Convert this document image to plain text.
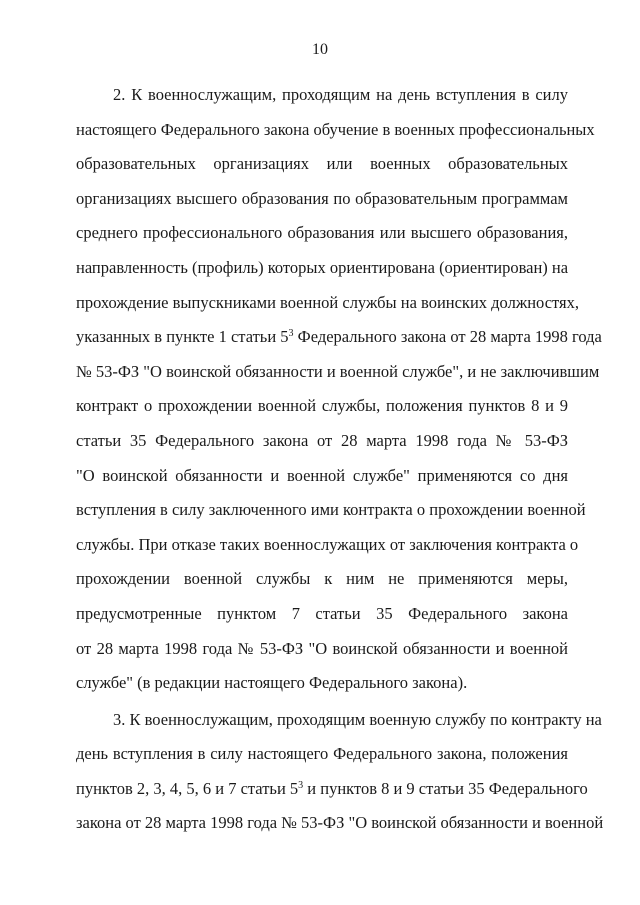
10
2. К военнослужащим, проходящим на день вступления в силу
настоящего Федерального закона обучение в военных профессиональных
образовательных организациях или военных образовательных
организациях высшего образования по образовательным программам
среднего профессионального образования или высшего образования,
направленность (профиль) которых ориентирована (ориентирован) на
прохождение выпускниками военной службы на воинских должностях,
указанных в пункте 1 статьи $5^3$ Федерального закона от 28 марта 1998 года
№ 53-ФЗ "О воинской обязанности и военной службе", и не заключившим
контракт о прохождении военной службы, положения пунктов 8 и 9
статьи 35 Федерального закона от 28 марта 1998 года № 53-ФЗ
"О воинской обязанности и военной службе" применяются со дня
вступления в силу заключенного ими контракта о прохождении военной
службы. При отказе таких военнослужащих от заключения контракта о
прохождении военной службы к ним не применяются меры,
предусмотренные пунктом 7 статьи 35 Федерального закона
от 28 марта 1998 года № 53-ФЗ "О воинской обязанности и военной
службе" (в редакции настоящего Федерального закона).
3. К военнослужащим, проходящим военную службу по контракту на
день вступления в силу настоящего Федерального закона, положения
пунктов 2, 3, 4, 5, 6 и 7 статьи $5^3$ и пунктов 8 и 9 статьи 35 Федерального
закона от 28 марта 1998 года № 53-ФЗ "О воинской обязанности и военной
